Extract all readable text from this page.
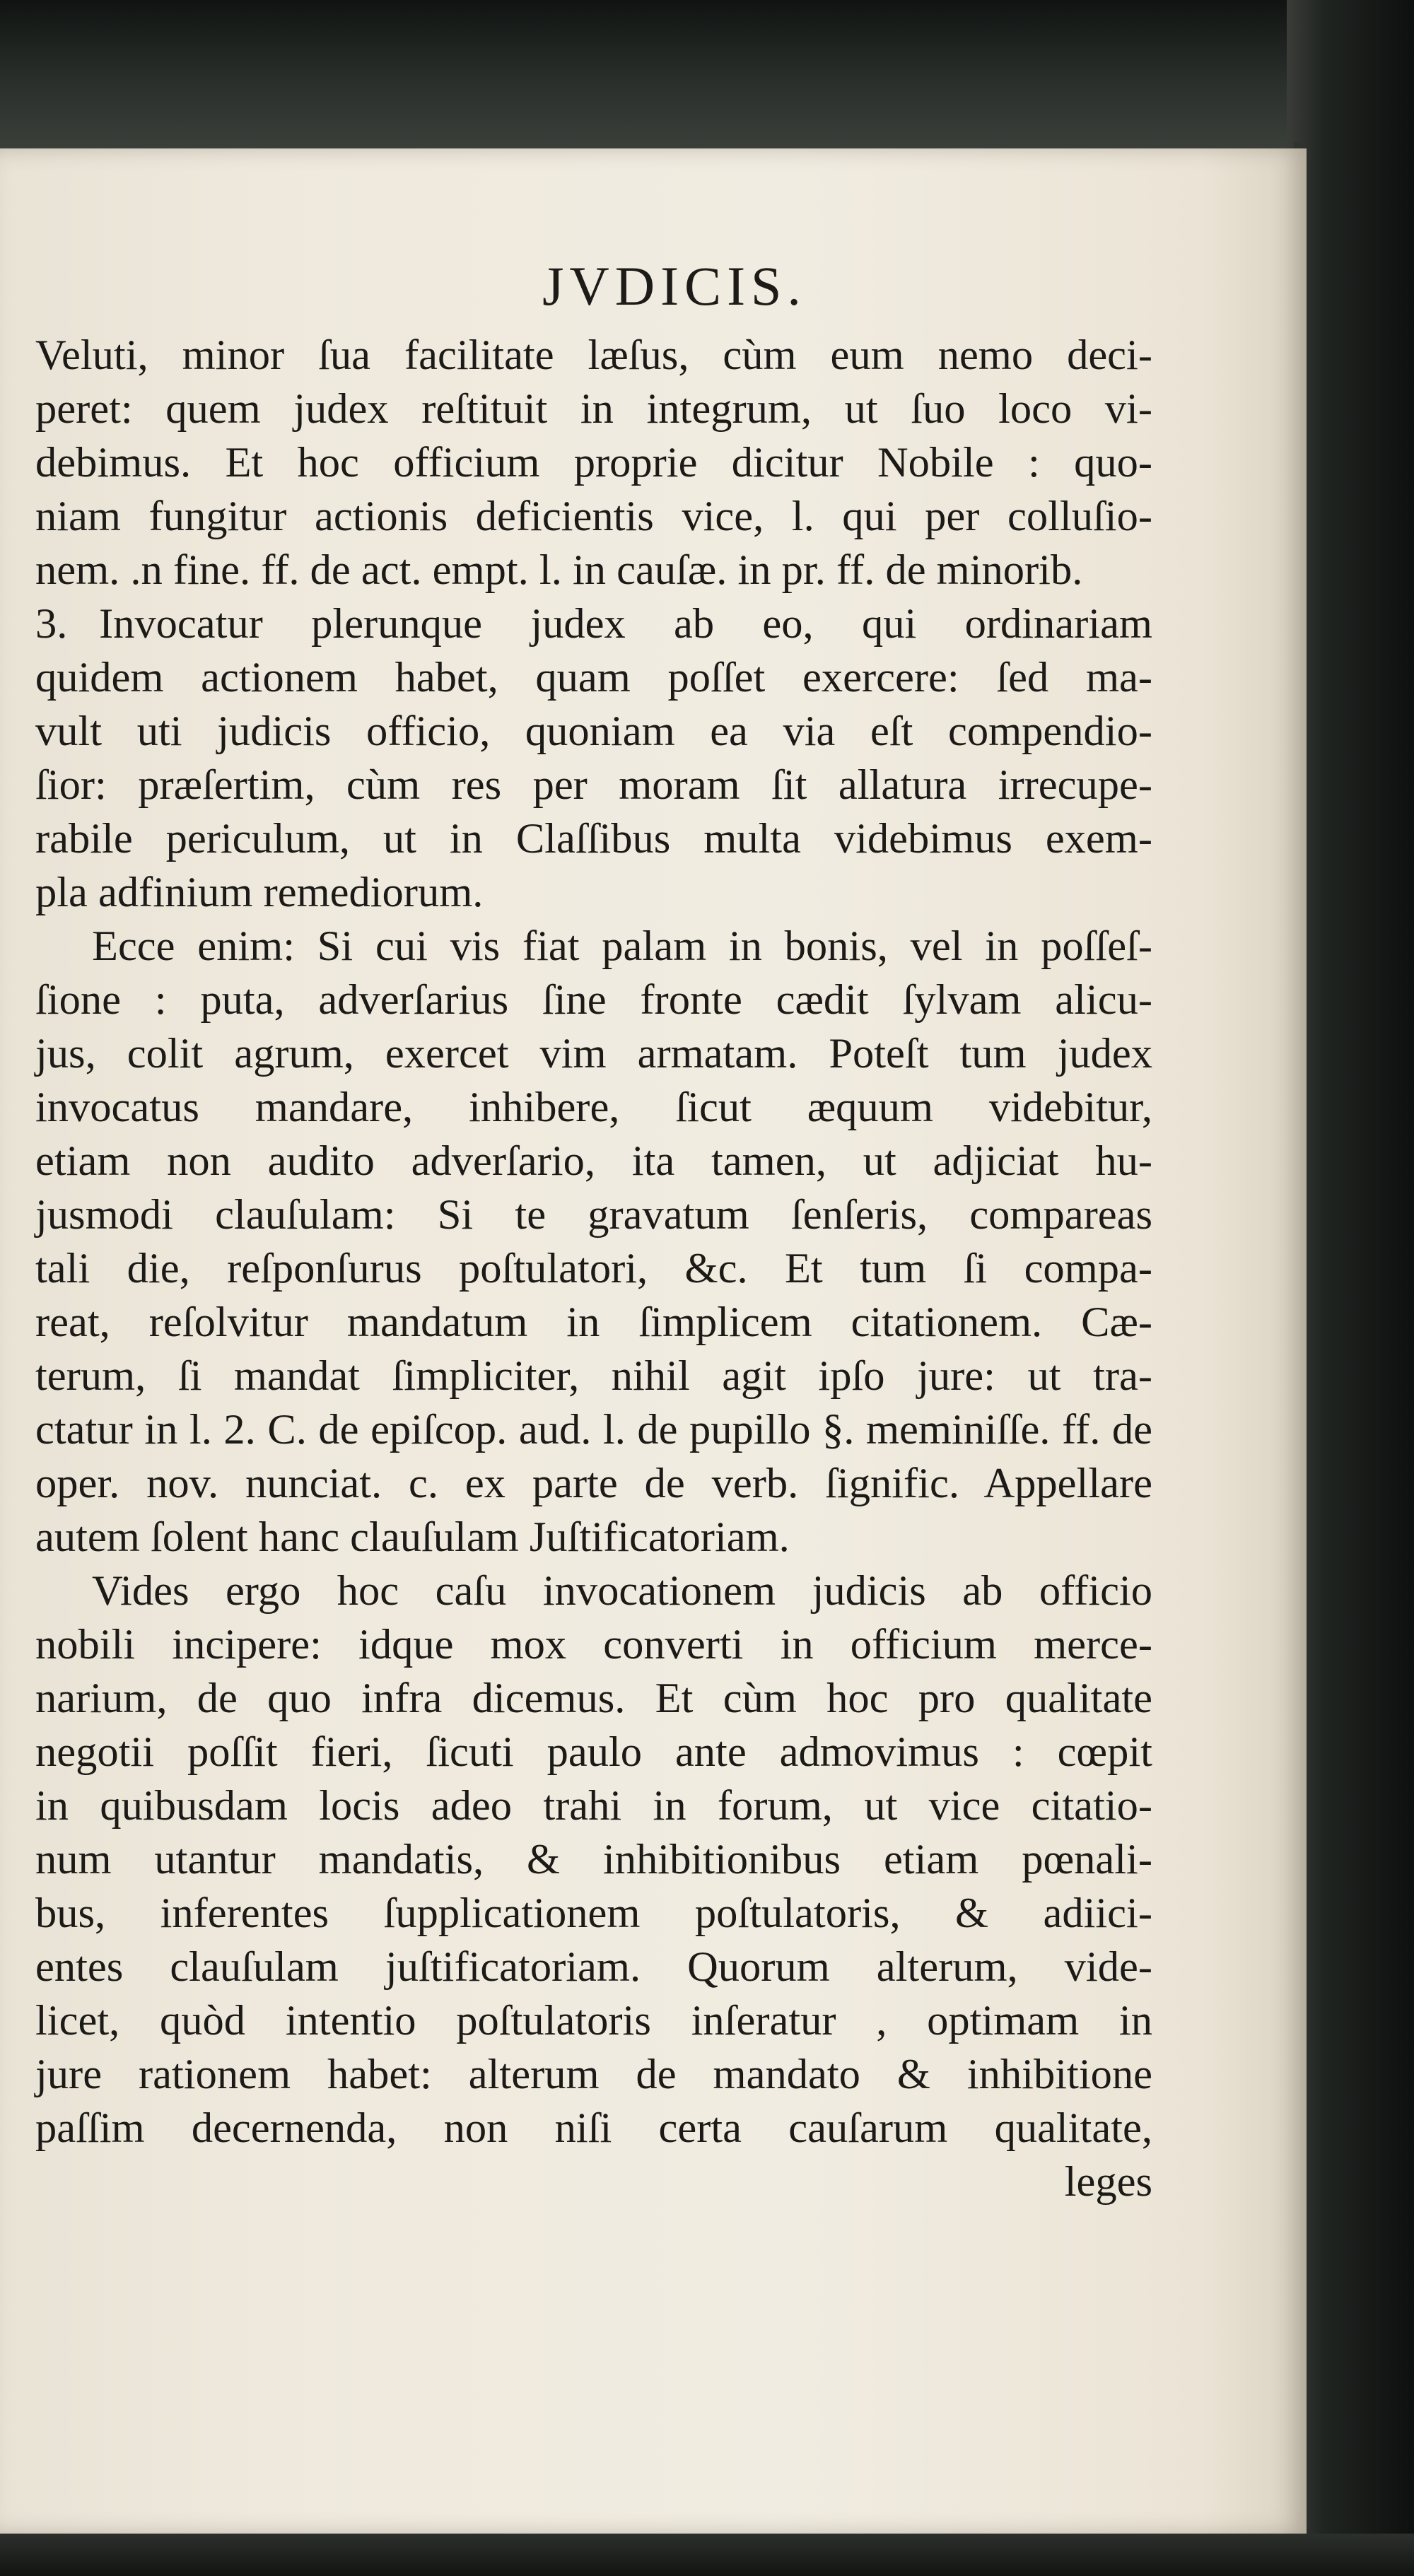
JVDICIS.
Veluti, minor ſua facilitate læſus, cùm eum nemo deci-
peret: quem judex reſtituit in integrum, ut ſuo loco vi-
debimus. Et hoc officium proprie dicitur Nobile : quo-
niam fungitur actionis deficientis vice, l. qui per colluſio-
nem. .n fine. ff. de act. empt. l. in cauſæ. in pr. ff. de minorib.
3. Invocatur plerunque judex ab eo, qui ordinariam
quidem actionem habet, quam poſſet exercere: ſed ma-
vult uti judicis officio, quoniam ea via eſt compendio-
ſior: præſertim, cùm res per moram ſit allatura irrecupe-
rabile periculum, ut in Claſſibus multa videbimus exem-
pla adfinium remediorum.
Ecce enim: Si cui vis fiat palam in bonis, vel in poſſeſ-
ſione : puta, adverſarius ſine fronte cædit ſylvam alicu-
jus, colit agrum, exercet vim armatam. Poteſt tum judex
invocatus mandare, inhibere, ſicut æquum videbitur,
etiam non audito adverſario, ita tamen, ut adjiciat hu-
jusmodi clauſulam: Si te gravatum ſenſeris, compareas
tali die, reſponſurus poſtulatori, &c. Et tum ſi compa-
reat, reſolvitur mandatum in ſimplicem citationem. Cæ-
terum, ſi mandat ſimpliciter, nihil agit ipſo jure: ut tra-
ctatur in l. 2. C. de epiſcop. aud. l. de pupillo §. meminiſſe. ff. de
oper. nov. nunciat. c. ex parte de verb. ſignific. Appellare
autem ſolent hanc clauſulam Juſtificatoriam.
Vides ergo hoc caſu invocationem judicis ab officio
nobili incipere: idque mox converti in officium merce-
narium, de quo infra dicemus. Et cùm hoc pro qualitate
negotii poſſit fieri, ſicuti paulo ante admovimus : cœpit
in quibusdam locis adeo trahi in forum, ut vice citatio-
num utantur mandatis, & inhibitionibus etiam pœnali-
bus, inferentes ſupplicationem poſtulatoris, & adiici-
entes clauſulam juſtificatoriam. Quorum alterum, vide-
licet, quòd intentio poſtulatoris inſeratur , optimam in
jure rationem habet: alterum de mandato & inhibitione
paſſim decernenda, non niſi certa cauſarum qualitate,
leges
